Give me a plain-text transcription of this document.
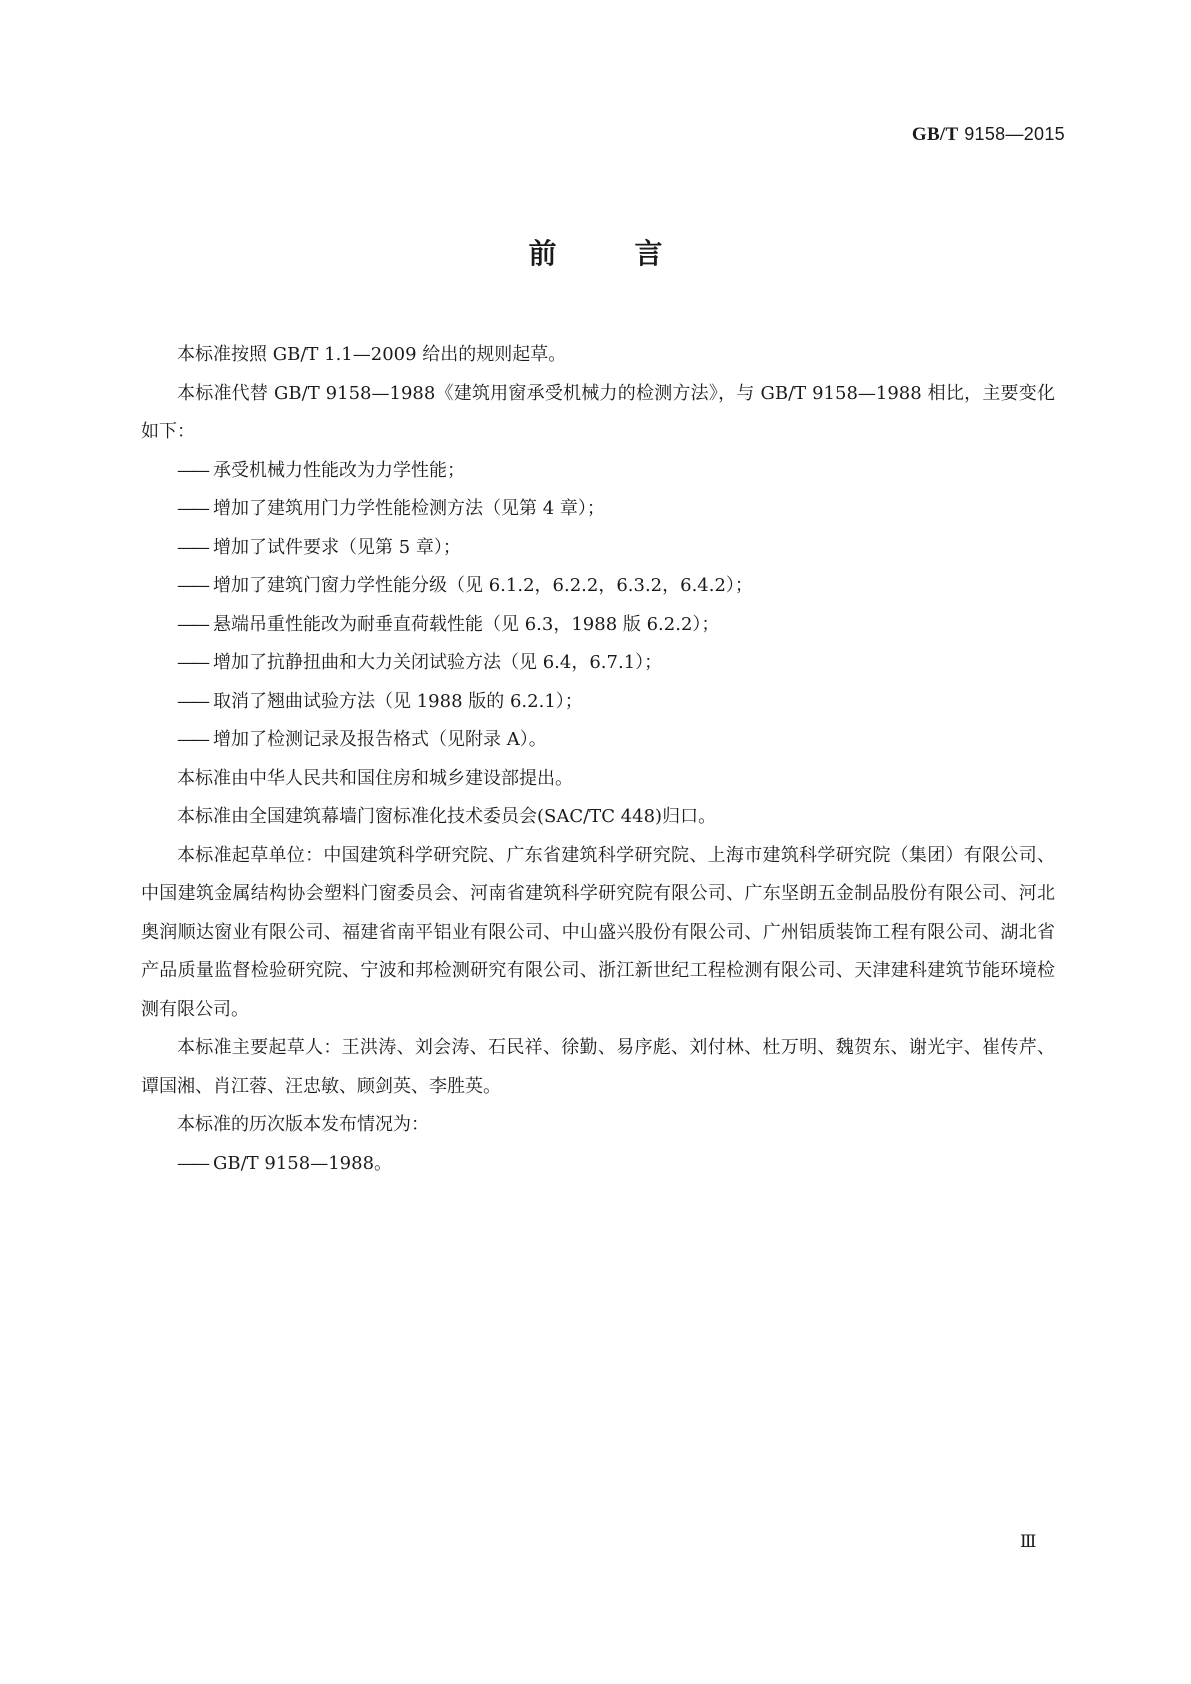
GB/T 9158—2015
前	言

本标准按照 GB/T 1.1—2009 给出的规则起草。

本标准代替 GB/T 9158—1988《建筑用窗承受机械力的检测方法》，与 GB/T 9158—1988 相比，主要变化如下：

—— 承受机械力性能改为力学性能；

—— 增加了建筑用门力学性能检测方法（见第 4 章）；

—— 增加了试件要求（见第 5 章）；

—— 增加了建筑门窗力学性能分级（见 6.1.2，6.2.2，6.3.2，6.4.2）；

—— 悬端吊重性能改为耐垂直荷载性能（见 6.3，1988 版 6.2.2）；

—— 增加了抗静扭曲和大力关闭试验方法（见 6.4，6.7.1）；

—— 取消了翘曲试验方法（见 1988 版的 6.2.1）；

—— 增加了检测记录及报告格式（见附录 A）。

本标准由中华人民共和国住房和城乡建设部提出。

本标准由全国建筑幕墙门窗标准化技术委员会(SAC/TC 448)归口。

本标准起草单位：中国建筑科学研究院、广东省建筑科学研究院、上海市建筑科学研究院（集团）有限公司、中国建筑金属结构协会塑料门窗委员会、河南省建筑科学研究院有限公司、广东坚朗五金制品股份有限公司、河北奥润顺达窗业有限公司、福建省南平铝业有限公司、中山盛兴股份有限公司、广州铝质装饰工程有限公司、湖北省产品质量监督检验研究院、宁波和邦检测研究有限公司、浙江新世纪工程检测有限公司、天津建科建筑节能环境检测有限公司。

本标准主要起草人：王洪涛、刘会涛、石民祥、徐勤、易序彪、刘付林、杜万明、魏贺东、谢光宇、崔传芹、谭国湘、肖江蓉、汪忠敏、顾剑英、李胜英。

本标准的历次版本发布情况为：

—— GB/T 9158—1988。

Ⅲ
